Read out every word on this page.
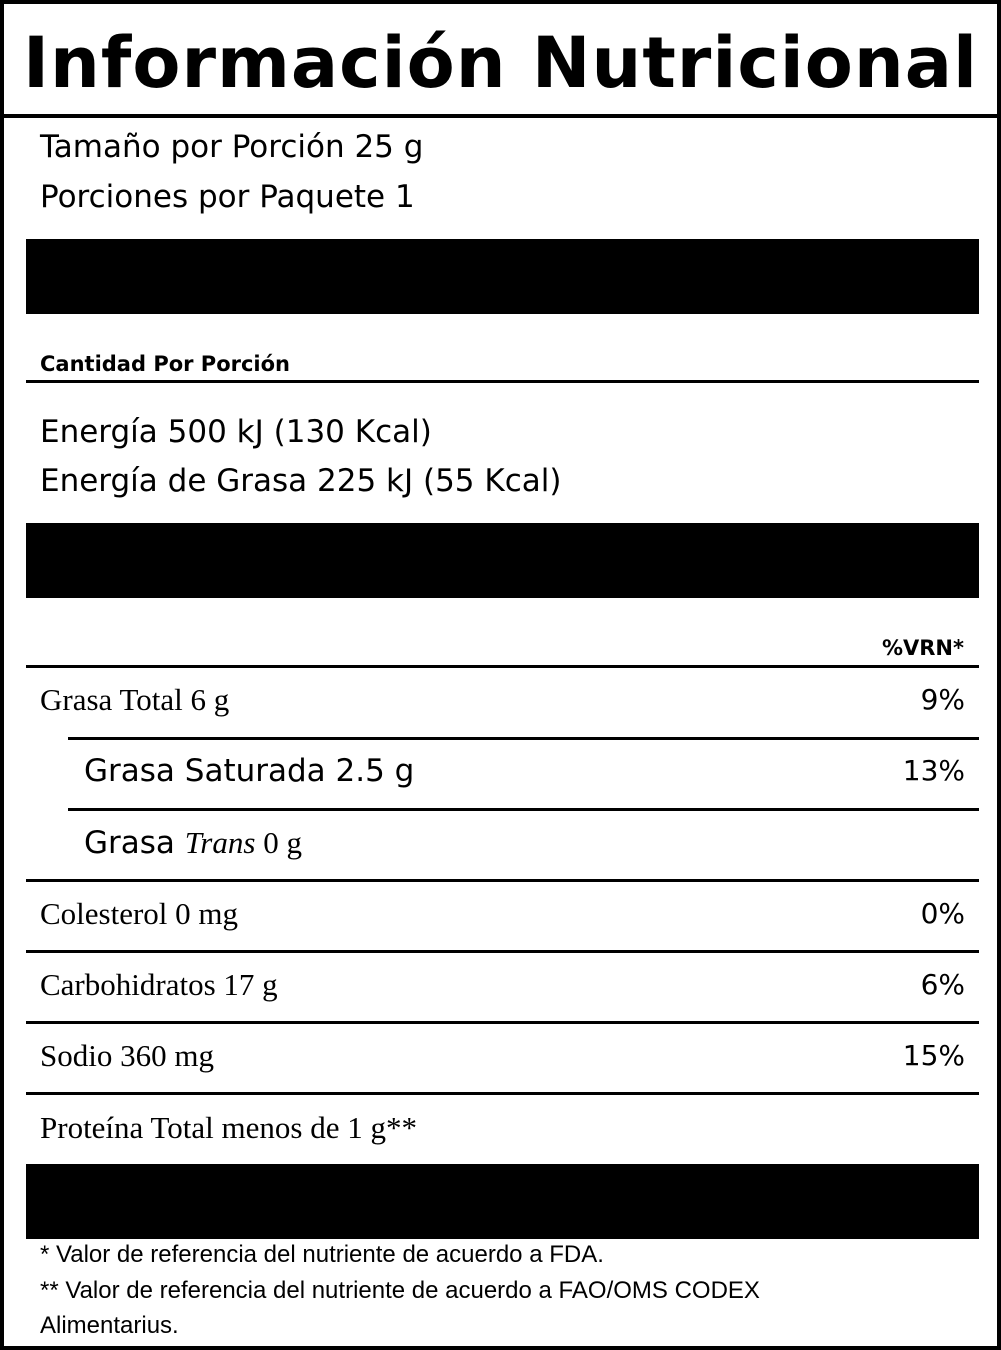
Información Nutricional
Tamaño por Porción 25 g
Porciones por Paquete 1
Cantidad Por Porción
Energía 500 kJ (130 Kcal)
Energía de Grasa 225 kJ (55 Kcal)
%VRN*
Grasa Total 6 g	9%
Grasa Saturada 2.5 g	13%
Grasa Trans 0 g
Colesterol 0 mg	0%
Carbohidratos 17 g	6%
Sodio 360 mg	15%
Proteína Total menos de 1 g**
* Valor de referencia del nutriente de acuerdo a FDA.
** Valor de referencia del nutriente de acuerdo a FAO/OMS CODEX
Alimentarius.
